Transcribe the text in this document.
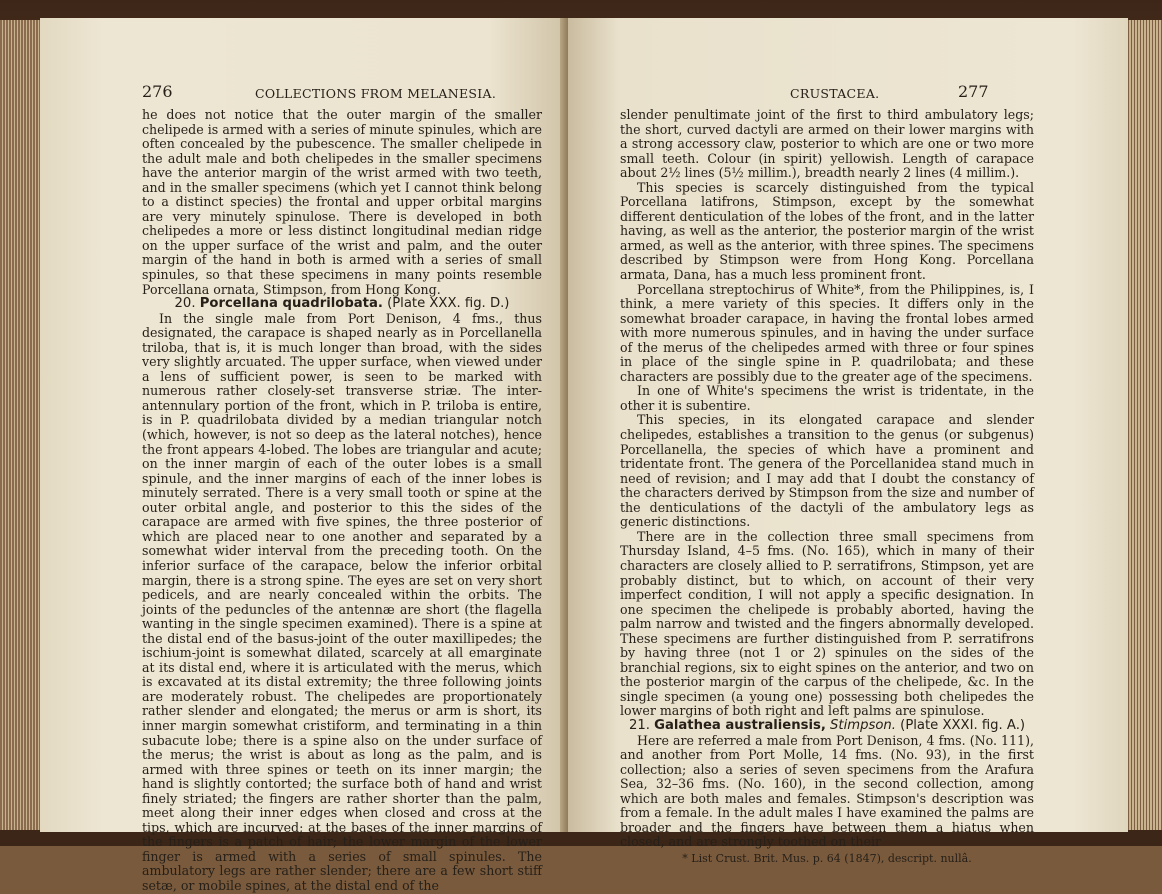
276	COLLECTIONS FROM MELANESIA.

he does not notice that the outer margin of the smaller chelipede is armed with a series of minute spinules, which are often concealed by the pubescence. The smaller chelipede in the adult male and both chelipedes in the smaller specimens have the anterior margin of the wrist armed with two teeth, and in the smaller specimens (which yet I cannot think belong to a distinct species) the frontal and upper orbital margins are very minutely spinulose. There is developed in both chelipedes a more or less distinct longitudinal median ridge on the upper surface of the wrist and palm, and the outer margin of the hand in both is armed with a series of small spinules, so that these specimens in many points resemble Porcellana ornata, Stimpson, from Hong Kong.

20. Porcellana quadrilobata. (Plate XXX. fig. D.)

In the single male from Port Denison, 4 fms., thus designated, the carapace is shaped nearly as in Porcellanella triloba, that is, it is much longer than broad, with the sides very slightly arcuated. The upper surface, when viewed under a lens of sufficient power, is seen to be marked with numerous rather closely-set transverse striæ. The inter-antennulary portion of the front, which in P. triloba is entire, is in P. quadrilobata divided by a median triangular notch (which, however, is not so deep as the lateral notches), hence the front appears 4-lobed. The lobes are triangular and acute; on the inner margin of each of the outer lobes is a small spinule, and the inner margins of each of the inner lobes is minutely serrated. There is a very small tooth or spine at the outer orbital angle, and posterior to this the sides of the carapace are armed with five spines, the three posterior of which are placed near to one another and separated by a somewhat wider interval from the preceding tooth. On the inferior surface of the carapace, below the inferior orbital margin, there is a strong spine. The eyes are set on very short pedicels, and are nearly concealed within the orbits. The joints of the peduncles of the antennæ are short (the flagella wanting in the single specimen examined). There is a spine at the distal end of the basus-joint of the outer maxillipedes; the ischium-joint is somewhat dilated, scarcely at all emarginate at its distal end, where it is articulated with the merus, which is excavated at its distal extremity; the three following joints are moderately robust. The chelipedes are proportionately rather slender and elongated; the merus or arm is short, its inner margin somewhat cristiform, and terminating in a thin subacute lobe; there is a spine also on the under surface of the merus; the wrist is about as long as the palm, and is armed with three spines or teeth on its inner margin; the hand is slightly contorted; the surface both of hand and wrist finely striated; the fingers are rather shorter than the palm, meet along their inner edges when closed and cross at the tips, which are incurved; at the bases of the inner margins of the fingers is a patch of hair; the lower margin of the lower finger is armed with a series of small spinules. The ambulatory legs are rather slender; there are a few short stiff setæ, or mobile spines, at the distal end of the

CRUSTACEA.	277

slender penultimate joint of the first to third ambulatory legs; the short, curved dactyli are armed on their lower margins with a strong accessory claw, posterior to which are one or two more small teeth. Colour (in spirit) yellowish. Length of carapace about 2½ lines (5½ millim.), breadth nearly 2 lines (4 millim.).

This species is scarcely distinguished from the typical Porcellana latifrons, Stimpson, except by the somewhat different denticulation of the lobes of the front, and in the latter having, as well as the anterior, the posterior margin of the wrist armed, as well as the anterior, with three spines. The specimens described by Stimpson were from Hong Kong. Porcellana armata, Dana, has a much less prominent front.

Porcellana streptochirus of White*, from the Philippines, is, I think, a mere variety of this species. It differs only in the somewhat broader carapace, in having the frontal lobes armed with more numerous spinules, and in having the under surface of the merus of the chelipedes armed with three or four spines in place of the single spine in P. quadrilobata; and these characters are possibly due to the greater age of the specimens.

In one of White's specimens the wrist is tridentate, in the other it is subentire.

This species, in its elongated carapace and slender chelipedes, establishes a transition to the genus (or subgenus) Porcellanella, the species of which have a prominent and tridentate front. The genera of the Porcellanidea stand much in need of revision; and I may add that I doubt the constancy of the characters derived by Stimpson from the size and number of the denticulations of the dactyli of the ambulatory legs as generic distinctions.

There are in the collection three small specimens from Thursday Island, 4–5 fms. (No. 165), which in many of their characters are closely allied to P. serratifrons, Stimpson, yet are probably distinct, but to which, on account of their very imperfect condition, I will not apply a specific designation. In one specimen the chelipede is probably aborted, having the palm narrow and twisted and the fingers abnormally developed. These specimens are further distinguished from P. serratifrons by having three (not 1 or 2) spinules on the sides of the branchial regions, six to eight spines on the anterior, and two on the posterior margin of the carpus of the chelipede, &c. In the single specimen (a young one) possessing both chelipedes the lower margins of both right and left palms are spinulose.

21. Galathea australiensis, Stimpson. (Plate XXXI. fig. A.)

Here are referred a male from Port Denison, 4 fms. (No. 111), and another from Port Molle, 14 fms. (No. 93), in the first collection; also a series of seven specimens from the Arafura Sea, 32–36 fms. (No. 160), in the second collection, among which are both males and females. Stimpson's description was from a female. In the adult males I have examined the palms are broader and the fingers have between them a hiatus when closed, and are strongly toothed on their

* List Crust. Brit. Mus. p. 64 (1847), descript. nullâ.
